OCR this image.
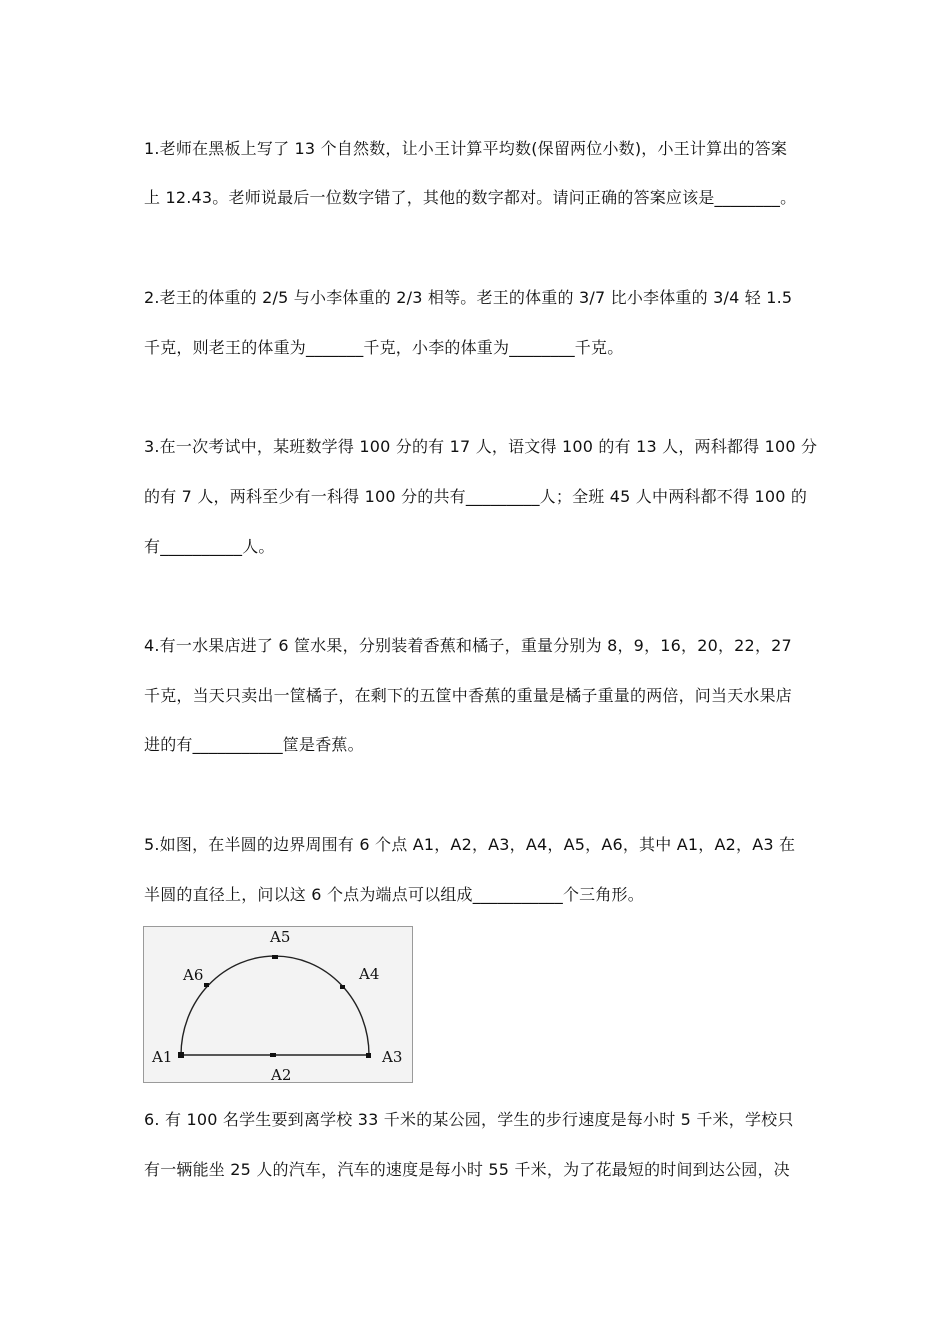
1.老师在黑板上写了 13 个自然数，让小王计算平均数(保留两位小数)，小王计算出的答案
上 12.43。老师说最后一位数字错了，其他的数字都对。请问正确的答案应该是________。
2.老王的体重的 2/5 与小李体重的 2/3 相等。老王的体重的 3/7 比小李体重的 3/4 轻 1.5
千克，则老王的体重为_______千克，小李的体重为________千克。
3.在一次考试中，某班数学得 100 分的有 17 人，语文得 100 的有 13 人，两科都得 100 分
的有 7 人，两科至少有一科得 100 分的共有_________人；全班 45 人中两科都不得 100 的
有__________人。
4.有一水果店进了 6 筐水果，分别装着香蕉和橘子，重量分别为 8，9，16，20，22，27
千克，当天只卖出一筐橘子，在剩下的五筐中香蕉的重量是橘子重量的两倍，问当天水果店
进的有___________筐是香蕉。
5.如图，在半圆的边界周围有 6 个点 A1，A2，A3，A4，A5，A6，其中 A1，A2，A3 在
半圆的直径上，问以这 6 个点为端点可以组成___________个三角形。
A1
A2
A3
A4
A5
A6
6. 有 100 名学生要到离学校 33 千米的某公园，学生的步行速度是每小时 5 千米，学校只
有一辆能坐 25 人的汽车，汽车的速度是每小时 55 千米，为了花最短的时间到达公园，决
